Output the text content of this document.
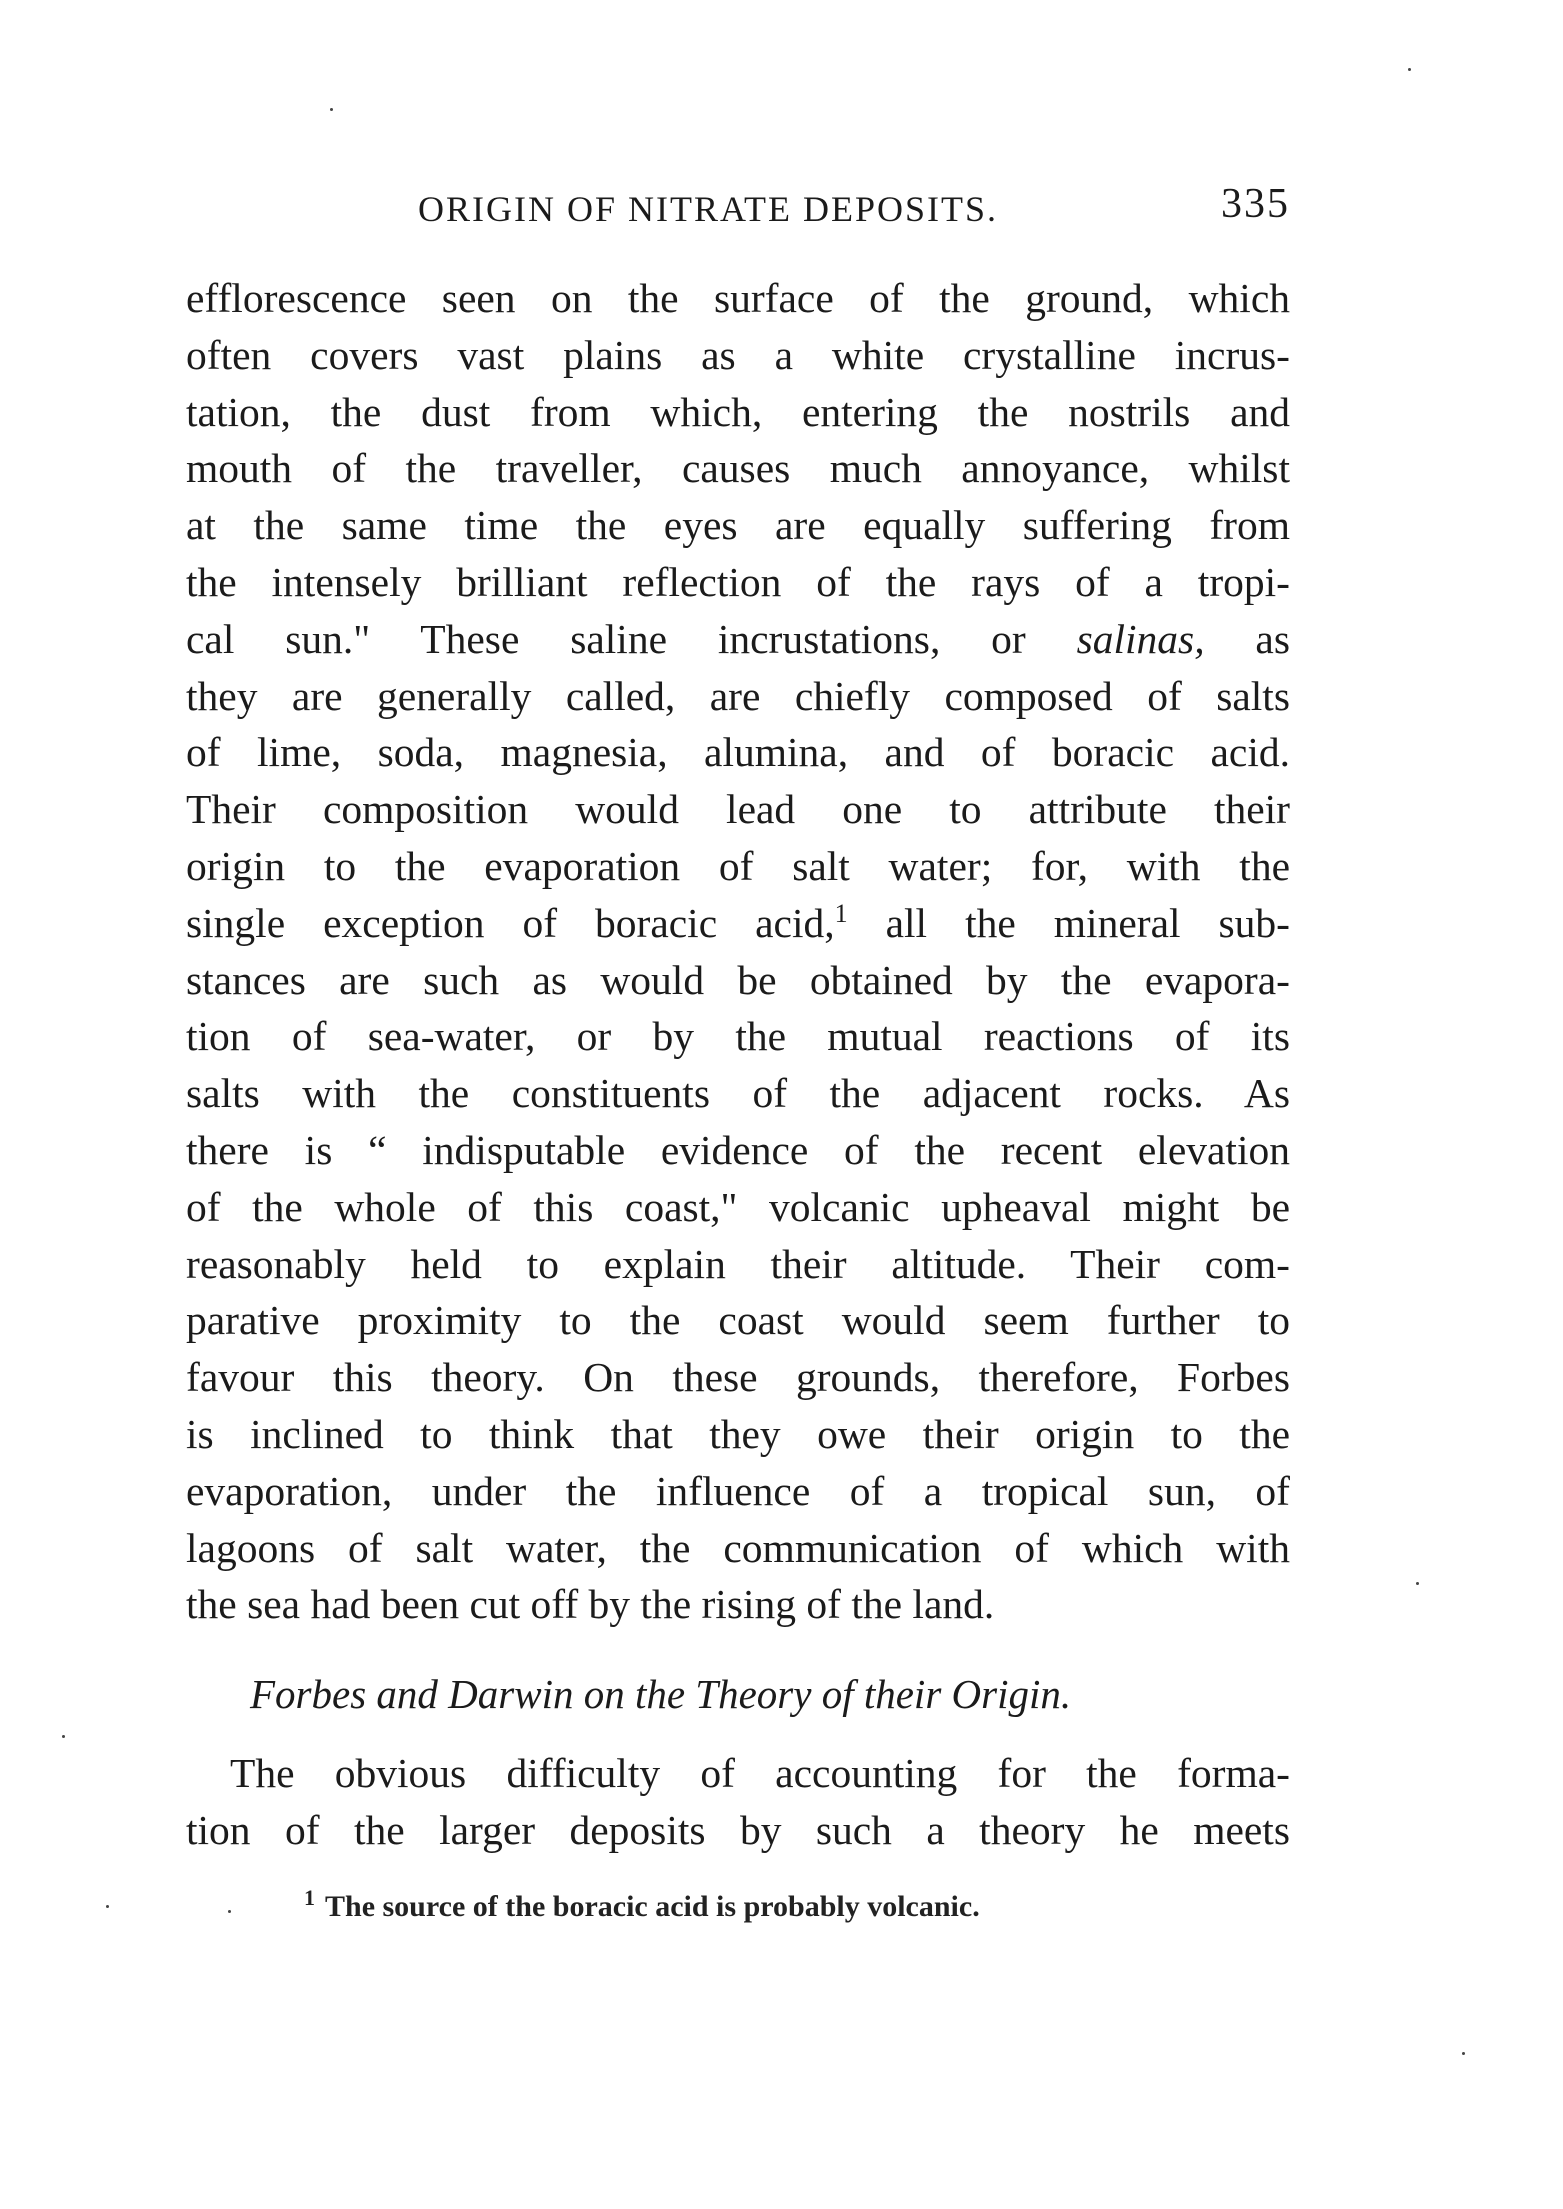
ORIGIN OF NITRATE DEPOSITS.	335
efflorescence seen on the surface of the ground, which
often covers vast plains as a white crystalline incrus-
tation, the dust from which, entering the nostrils and
mouth of the traveller, causes much annoyance, whilst
at the same time the eyes are equally suffering from
the intensely brilliant reflection of the rays of a tropi-
cal sun." These saline incrustations, or salinas, as
they are generally called, are chiefly composed of salts
of lime, soda, magnesia, alumina, and of boracic acid.
Their composition would lead one to attribute their
origin to the evaporation of salt water; for, with the
single exception of boracic acid,$^1$ all the mineral sub-
stances are such as would be obtained by the evapora-
tion of sea-water, or by the mutual reactions of its
salts with the constituents of the adjacent rocks. As
there is “ indisputable evidence of the recent elevation
of the whole of this coast," volcanic upheaval might be
reasonably held to explain their altitude. Their com-
parative proximity to the coast would seem further to
favour this theory. On these grounds, therefore, Forbes
is inclined to think that they owe their origin to the
evaporation, under the influence of a tropical sun, of
lagoons of salt water, the communication of which with
the sea had been cut off by the rising of the land.
Forbes and Darwin on the Theory of their Origin.
The obvious difficulty of accounting for the forma-
tion of the larger deposits by such a theory he meets
$^1$ The source of the boracic acid is probably volcanic.
